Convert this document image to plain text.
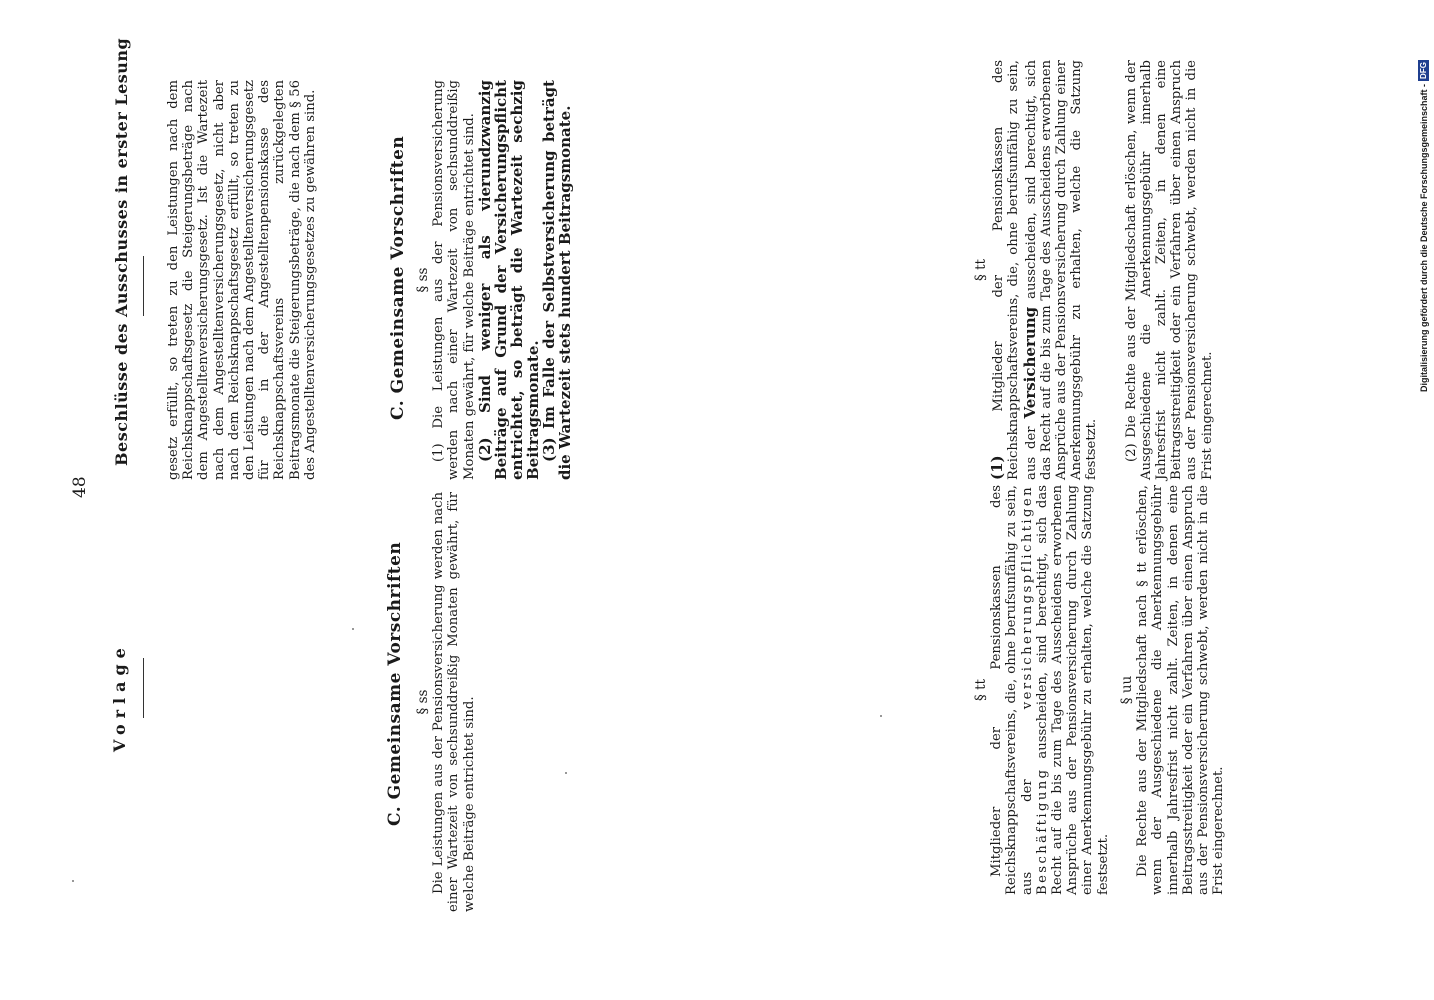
48
Vorlage	C. Gemeinsame Vorschriften § ss Die Leistungen aus der Pensionsversicherung werden nach einer Wartezeit von sechsunddreißig Monaten gewährt, für welche Beiträge entrichtet sind.

§ tt Mitglieder der Pensionskassen des Reichsknappschaftsvereins, die, ohne berufsunfähig zu sein, aus der versicherungspflichtigen Beschäftigung ausscheiden, sind berechtigt, sich das Recht auf die bis zum Tage des Ausscheidens erworbenen Ansprüche aus der Pensionsversicherung durch Zahlung einer Anerkennungsgebühr zu erhalten, welche die Satzung festsetzt.

§ uu Die Rechte aus der Mitgliedschaft nach § tt erlöschen, wenn der Ausgeschiedene die Anerkennungsgebühr innerhalb Jahresfrist nicht zahlt. Zeiten, in denen eine Beitragsstreitigkeit oder ein Verfahren über einen Anspruch aus der Pensionsversicherung schwebt, werden nicht in die Frist eingerechnet.

Beschlüsse des Ausschusses in erster Lesung	gesetz erfüllt, so treten zu den Leistungen nach dem Reichsknappschaftsgesetz die Steigerungsbeträge nach dem Angestelltenversicherungsgesetz. Ist die Wartezeit nach dem Angestelltenversicherungsgesetz, nicht aber nach dem Reichsknappschaftsgesetz erfüllt, so treten zu den Leistungen nach dem Angestelltenversicherungsgesetz für die in der Angestelltenpensionskasse des Reichsknappschaftsvereins zurückgelegten Beitragsmonate die Steigerungsbeträge, die nach dem § 56 des Angestelltenversicherungsgesetzes zu gewähren sind.	C. Gemeinsame Vorschriften § ss (1) Die Leistungen aus der Pensionsversicherung werden nach einer Wartezeit von sechsunddreißig Monaten gewährt, für welche Beiträge entrichtet sind. (2) Sind weniger als vierundzwanzig Beiträge auf Grund der Versicherungspflicht entrichtet, so beträgt die Wartezeit sechzig Beitragsmonate.

(3) Im Falle der Selbstversicherung beträgt die Wartezeit stets hundert Beitragsmonate.	§ tt

(1) Mitglieder der Pensionskassen des Reichsknappschaftsvereins, die, ohne berufsunfähig zu sein, aus der Versicherung ausscheiden, sind berechtigt, sich das Recht auf die bis zum Tage des Ausscheidens erworbenen Ansprüche aus der Pensionsversicherung durch Zahlung einer Anerkennungsgebühr zu erhalten, welche die Satzung festsetzt. (2) Die Rechte aus der Mitgliedschaft erlöschen, wenn der Ausgeschiedene die Anerkennungsgebühr innerhalb Jahresfrist nicht zahlt. Zeiten, in denen eine Beitragsstreitigkeit oder ein Verfahren über einen Anspruch aus der Pensionsversicherung schwebt, werden nicht in die Frist eingerechnet.

Digitalisierung gefördert durch die Deutsche Forschungsgemeinschaft -
DFG
